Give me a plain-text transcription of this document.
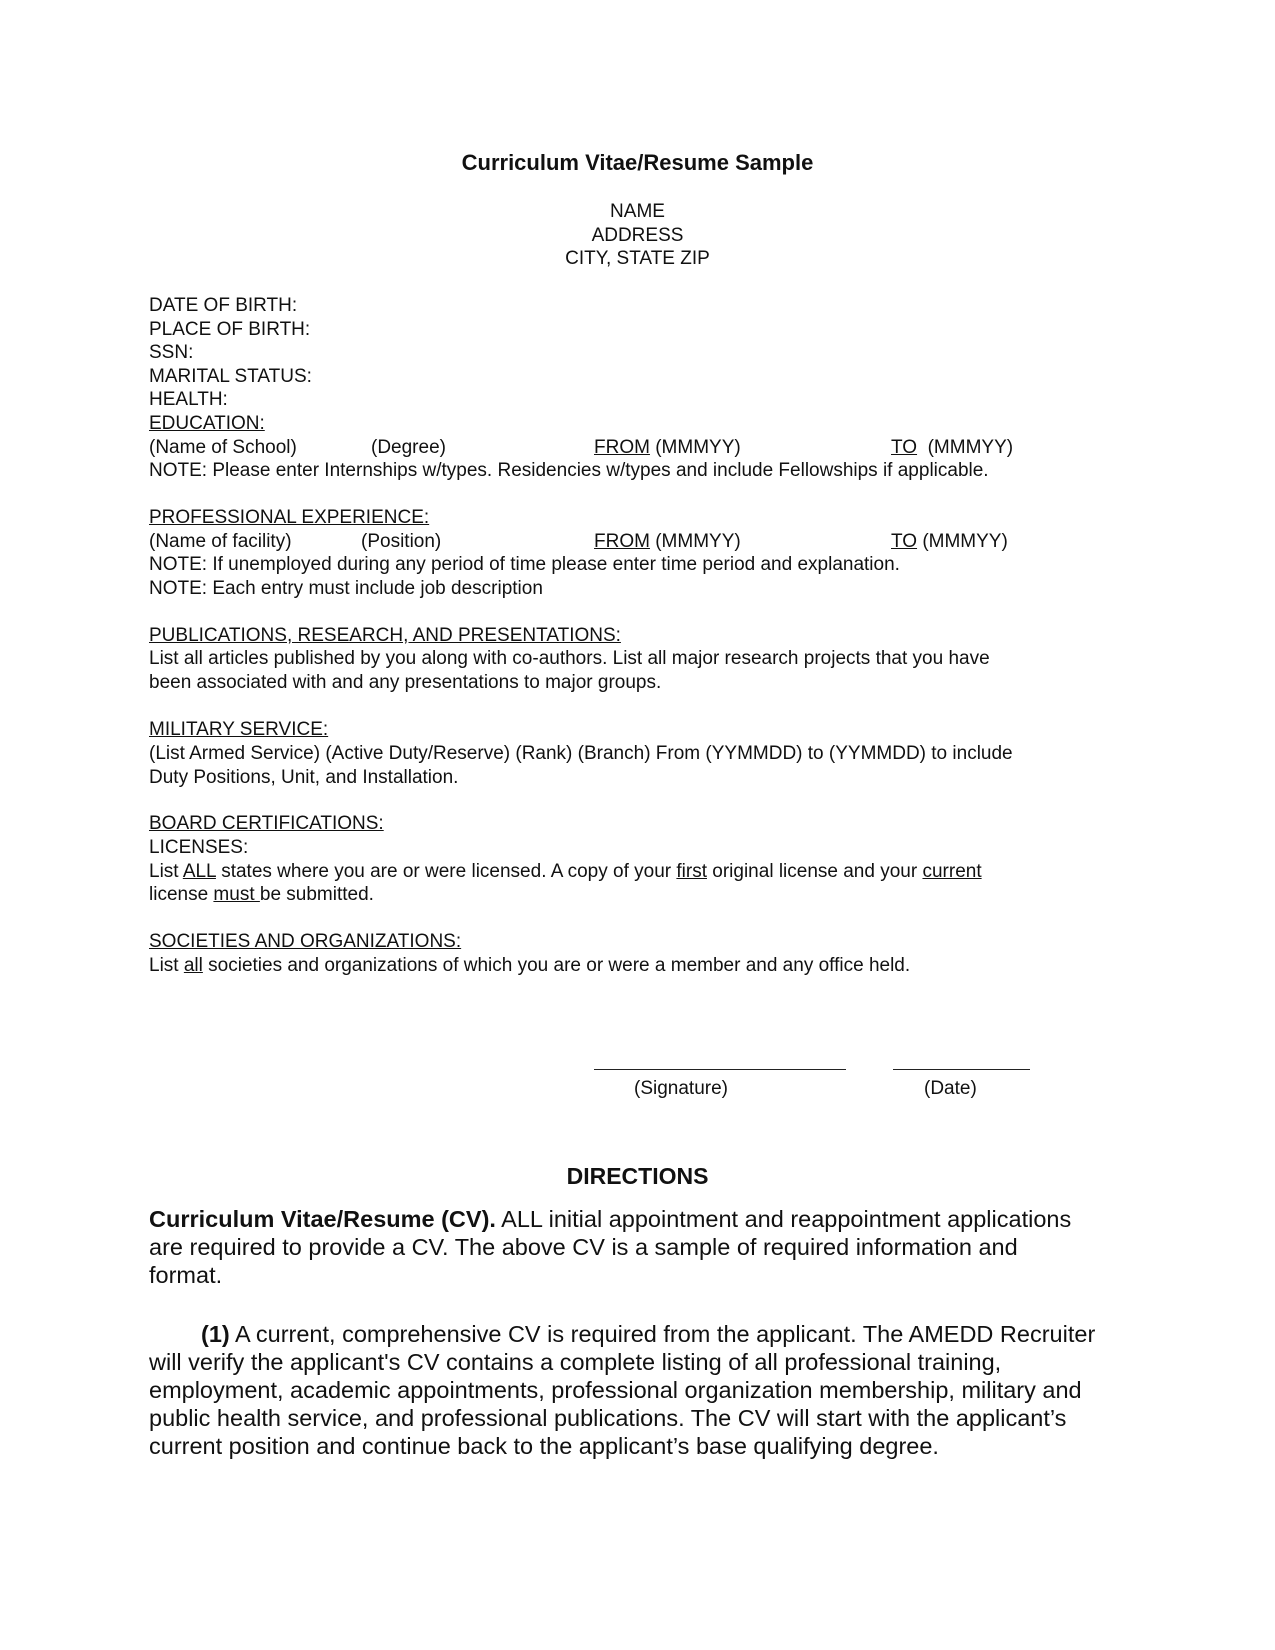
Curriculum Vitae/Resume Sample
NAME
ADDRESS
CITY, STATE ZIP
DATE OF BIRTH:
PLACE OF BIRTH:
SSN:
MARITAL STATUS:
HEALTH:
EDUCATION:
(Name of School)	(Degree)	FROM (MMMYY)	TO (MMMYY)
NOTE: Please enter Internships w/types. Residencies w/types and include Fellowships if applicable.
PROFESSIONAL EXPERIENCE:
(Name of facility)	(Position)	FROM (MMMYY)	TO (MMMYY)
NOTE: If unemployed during any period of time please enter time period and explanation.
NOTE: Each entry must include job description
PUBLICATIONS, RESEARCH, AND PRESENTATIONS:
List all articles published by you along with co-authors. List all major research projects that you have
been associated with and any presentations to major groups.
MILITARY SERVICE:
(List Armed Service) (Active Duty/Reserve) (Rank) (Branch) From (YYMMDD) to (YYMMDD) to include
Duty Positions, Unit, and Installation.
BOARD CERTIFICATIONS:
LICENSES:
List ALL states where you are or were licensed. A copy of your first original license and your current
license must be submitted.
SOCIETIES AND ORGANIZATIONS:
List all societies and organizations of which you are or were a member and any office held.
(Signature)	(Date)
DIRECTIONS
Curriculum Vitae/Resume (CV). ALL initial appointment and reappointment applications are required to provide a CV. The above CV is a sample of required information and format.
(1) A current, comprehensive CV is required from the applicant. The AMEDD Recruiter will verify the applicant's CV contains a complete listing of all professional training, employment, academic appointments, professional organization membership, military and public health service, and professional publications. The CV will start with the applicant’s current position and continue back to the applicant’s base qualifying degree.
